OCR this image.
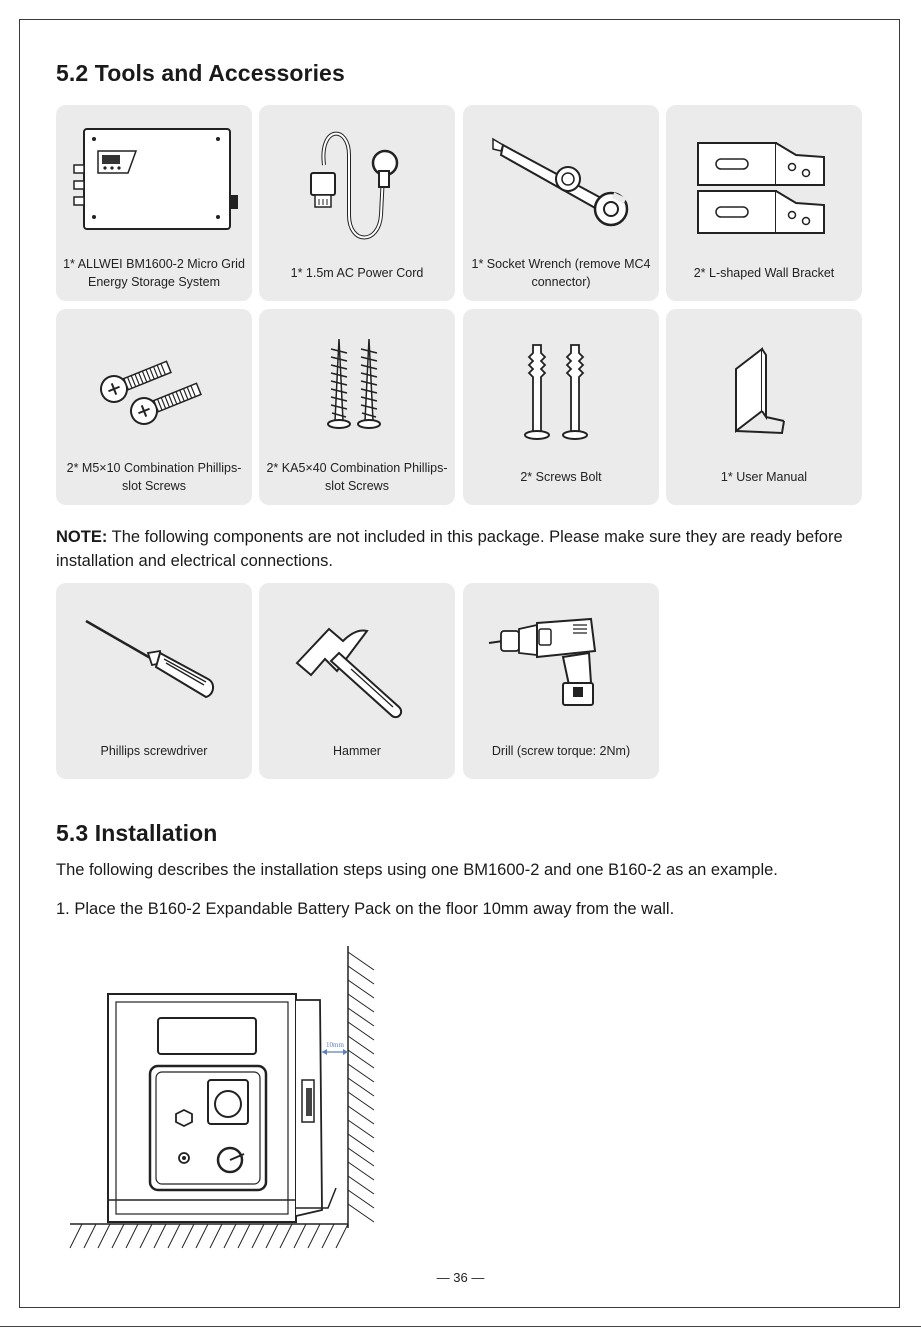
5.2 Tools and Accessories
1* ALLWEI BM1600-2 Micro Grid Energy Storage System
1* 1.5m AC Power Cord
1* Socket Wrench (remove MC4 connector)
2* L-shaped Wall Bracket
2* M5×10 Combination Phillips-slot Screws
2* KA5×40 Combination Phillips-slot Screws
2* Screws Bolt	1* User Manual
NOTE: The following components are not included in this package. Please make sure they are ready before installation and electrical connections.
Phillips screwdriver	Hammer	Drill (screw torque: 2Nm)
5.3 Installation
The following describes the installation steps using one BM1600-2 and one B160-2 as an example.
1. Place the B160-2 Expandable Battery Pack on the floor 10mm away from the wall.
10mm
— 36 —
